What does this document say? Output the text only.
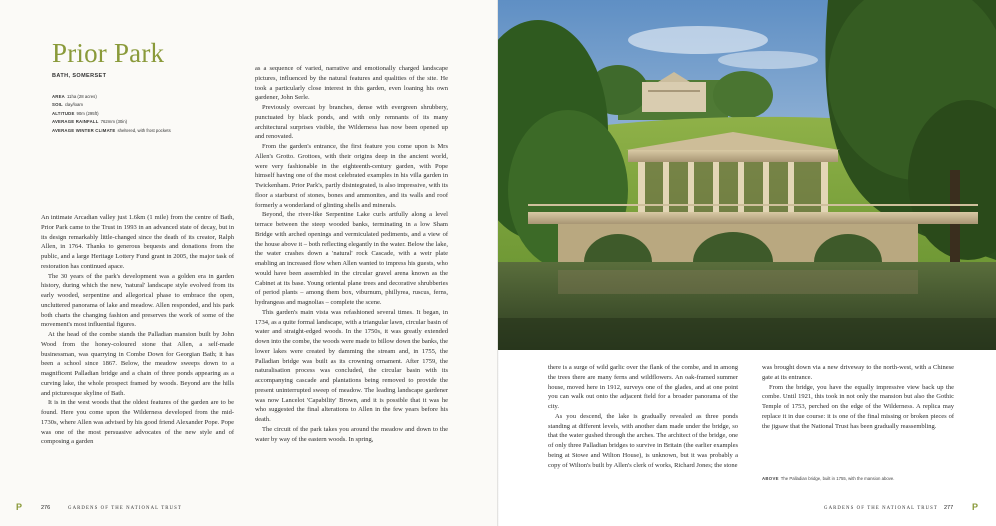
Prior Park

BATH, SOMERSET

AREA 11ha (28 acres)
SOIL clay/loam
ALTITUDE 90m (295ft)
AVERAGE RAINFALL 762mm (30in)
AVERAGE WINTER CLIMATE sheltered, with frost pockets

An intimate Arcadian valley just 1.6km (1 mile) from the centre of Bath, Prior Park came to the Trust in 1993 in an advanced state of decay, but in its design remarkably little-changed since the death of its creator, Ralph Allen, in 1764. Thanks to generous bequests and donations from the public, and a large Heritage Lottery Fund grant in 2005, the major task of restoration has continued apace.

The 30 years of the park's development was a golden era in garden history, during which the new, 'natural' landscape style evolved from its early wooded, serpentine and allegorical phase to embrace the open, uncluttered panorama of lake and meadow. Allen responded, and his park both charts the changing fashion and preserves the work of some of the movement's most influential figures.

At the head of the combe stands the Palladian mansion built by John Wood from the honey-coloured stone that Allen, a self-made businessman, was quarrying in Combe Down for Georgian Bath; it has been a school since 1867. Below, the meadow sweeps down to a magnificent Palladian bridge and a chain of three ponds appearing as a curving lake, the whole prospect framed by woods. Beyond are the hills and picturesque skyline of Bath.

It is in the west woods that the oldest features of the garden are to be found. Here you come upon the Wilderness developed from the mid-1730s, where Allen was advised by his good friend Alexander Pope. Pope was one of the most persuasive advocates of the new style and of composing a garden

as a sequence of varied, narrative and emotionally charged landscape pictures, influenced by the natural features and qualities of the site. He took a particularly close interest in this garden, even loaning his own gardener, John Serle.

Previously overcast by branches, dense with evergreen shrubbery, punctuated by black ponds, and with only remnants of its many architectural surprises visible, the Wilderness has now been opened up and renovated.

From the garden's entrance, the first feature you come upon is Mrs Allen's Grotto. Grottoes, with their origins deep in the ancient world, were very fashionable in the eighteenth-century garden, with Pope himself having one of the most celebrated examples in his villa garden in Twickenham. Prior Park's, partly disintegrated, is also impressive, with its floor a starburst of stones, bones and ammonites, and its walls and roof formerly a wonderland of glinting shells and minerals.

Beyond, the river-like Serpentine Lake curls artfully along a level terrace between the steep wooded banks, terminating in a low Sham Bridge with arched openings and vermiculated pediments, and a view of the house above it – both reflecting elegantly in the water. Below the lake, the water crashes down a 'natural' rock Cascade, with a weir plate enabling an increased flow when Allen wanted to impress his guests, who would have been assembled in the circular gravel arena known as the Cabinet at its base. Young oriental plane trees and decorative shrubberies of period plants – among them box, viburnum, phillyrea, ruscus, ferns, hydrangeas and magnolias – complete the scene.

This garden's main vista was refashioned several times. It began, in 1734, as a quite formal landscape, with a triangular lawn, circular basin of water and straight-edged woods. In the 1750s, it was greatly extended down into the combe, the woods were made to billow down the banks, the lower lakes were created by damming the stream and, in 1755, the Palladian bridge was built as its crowning ornament. After 1759, the naturalisation process was concluded, the circular basin with its accompanying cascade and plantations being removed to provide the present uninterrupted sweep of meadow. The leading landscape gardener was now Lancelot 'Capability' Brown, and it is possible that it was he who suggested the final alterations to Allen in the few years before his death.

The circuit of the park takes you around the meadow and down to the water by way of the eastern woods. In spring,

there is a surge of wild garlic over the flank of the combe, and in among the trees there are many ferns and wildflowers. An oak-framed summer house, moved here in 1912, surveys one of the glades, and at one point you can walk out onto the adjacent field for a broader panorama of the city.

As you descend, the lake is gradually revealed as three ponds standing at different levels, with another dam made under the bridge, so that the water gushed through the arches. The architect of the bridge, one of only three Palladian bridges to survive in Britain (the earlier examples being at Stowe and Wilton House), is unknown, but it was probably a copy of Wilton's built by Allen's clerk of works, Richard Jones; the stone

was brought down via a new driveway to the north-west, with a Chinese gate at its entrance.

From the bridge, you have the equally impressive view back up the combe. Until 1921, this took in not only the mansion but also the Gothic Temple of 1753, perched on the edge of the Wilderness. A replica may replace it in due course: it is one of the final missing or broken pieces of the jigsaw that the National Trust has been gradually reassembling.

ABOVE The Palladian bridge, built in 1755, with the mansion above.

P	276	GARDENS OF THE NATIONAL TRUST	GARDENS OF THE NATIONAL TRUST 277 P
